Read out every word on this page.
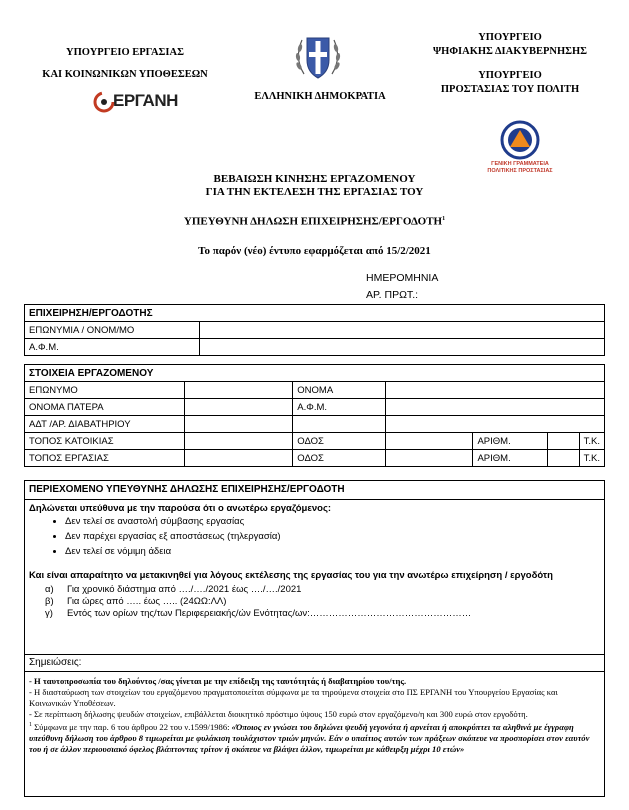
ΥΠΟΥΡΓΕΙΟ ΕΡΓΑΣΙΑΣ
ΚΑΙ ΚΟΙΝΩΝΙΚΩΝ ΥΠΟΘΕΣΕΩΝ
ΕΡΓΑΝΗ	ΕΛΛΗΝΙΚΗ ΔΗΜΟΚΡΑΤΙΑ
ΥΠΟΥΡΓΕΙΟ
ΨΗΦΙΑΚΗΣ ΔΙΑΚΥΒΕΡΝΗΣΗΣ
ΥΠΟΥΡΓΕΙΟ
ΠΡΟΣΤΑΣΙΑΣ ΤΟΥ ΠΟΛΙΤΗ
ΓΕΝΙΚΗ ΓΡΑΜΜΑΤΕΙΑ
ΠΟΛΙΤΙΚΗΣ ΠΡΟΣΤΑΣΙΑΣ
ΒΕΒΑΙΩΣΗ ΚΙΝΗΣΗΣ ΕΡΓΑΖΟΜΕΝΟΥ
ΓΙΑ ΤΗΝ ΕΚΤΕΛΕΣΗ ΤΗΣ ΕΡΓΑΣΙΑΣ ΤΟΥ
ΥΠΕΥΘΥΝΗ ΔΗΛΩΣΗ ΕΠΙΧΕΙΡΗΣΗΣ/ΕΡΓΟΔΟΤΗ$^1$
Το παρόν (νέο) έντυπο εφαρμόζεται από 15/2/2021
ΗΜΕΡΟΜΗΝΙΑ
ΑΡ. ΠΡΩΤ.:
ΕΠΙΧΕΙΡΗΣΗ/ΕΡΓΟΔΟΤΗΣ	
ΕΠΩΝΥΜΙΑ / ΟΝΟΜ/ΜΟ	
Α.Φ.Μ.	
ΣΤΟΙΧΕΙΑ ΕΡΓΑΖΟΜΕΝΟΥ						
ΕΠΩΝΥΜΟ		ΟΝΟΜΑ				
ΟΝΟΜΑ ΠΑΤΕΡΑ		Α.Φ.Μ.				
ΑΔΤ /ΑΡ. ΔΙΑΒΑΤΗΡΙΟΥ						
ΤΟΠΟΣ ΚΑΤΟΙΚΙΑΣ		ΟΔΟΣ		ΑΡΙΘΜ.		Τ.Κ.
ΤΟΠΟΣ ΕΡΓΑΣΙΑΣ		ΟΔΟΣ		ΑΡΙΘΜ.		Τ.Κ.
ΠΕΡΙΕΧΟΜΕΝΟ ΥΠΕΥΘΥΝΗΣ ΔΗΛΩΣΗΣ ΕΠΙΧΕΙΡΗΣΗΣ/ΕΡΓΟΔΟΤΗ
Δηλώνεται υπεύθυνα με την παρούσα ότι ο ανωτέρω εργαζόμενος:
• Δεν τελεί σε αναστολή σύμβασης εργασίας
• Δεν παρέχει εργασίας εξ αποστάσεως (τηλεργασία)
• Δεν τελεί σε νόμιμη άδεια
Και είναι απαραίτητο να μετακινηθεί για λόγους εκτέλεσης της εργασίας του για την ανωτέρω επιχείρηση / εργοδότη
α) Για χρονικό διάστημα από …./…./2021 έως …./…./2021
β) Για ώρες από ….. έως ….. (24ΩΩ:ΛΛ)
γ) Εντός των ορίων της/των Περιφερειακής/ών Ενότητας/ων:……………………………………………
Σημειώσεις:

- Η ταυτοπροσωπία του δηλούντος /σας γίνεται με την επίδειξη της ταυτότητάς ή διαβατηρίου του/της.

- Η διασταύρωση των στοιχείων του εργαζόμενου πραγματοποιείται σύμφωνα με τα τηρούμενα στοιχεία στο ΠΣ ΕΡΓΑΝΗ του Υπουργείου Εργασίας και Κοινωνικών Υποθέσεων.

- Σε περίπτωση δήλωσης ψευδών στοιχείων, επιβάλλεται διοικητικό πρόστιμο ύψους 150 ευρώ στον εργαζόμενο/η και 300 ευρώ στον εργοδότη.

$^1$ Σύμφωνα με την παρ. 6 του άρθρου 22 του ν.1599/1986: «Όποιος εν γνώσει του δηλώνει ψευδή γεγονότα ή αρνείται ή αποκρύπτει τα αληθινά με έγγραφη υπεύθυνη δήλωση του άρθρου 8 τιμωρείται με φυλάκιση τουλάχιστον τριών μηνών. Εάν ο υπαίτιος αυτών των πράξεων σκόπευε να προσπορίσει στον εαυτόν του ή σε άλλον περιουσιακό όφελος βλάπτοντας τρίτον ή σκόπευε να βλάψει άλλον, τιμωρείται με κάθειρξη μέχρι 10 ετών»
